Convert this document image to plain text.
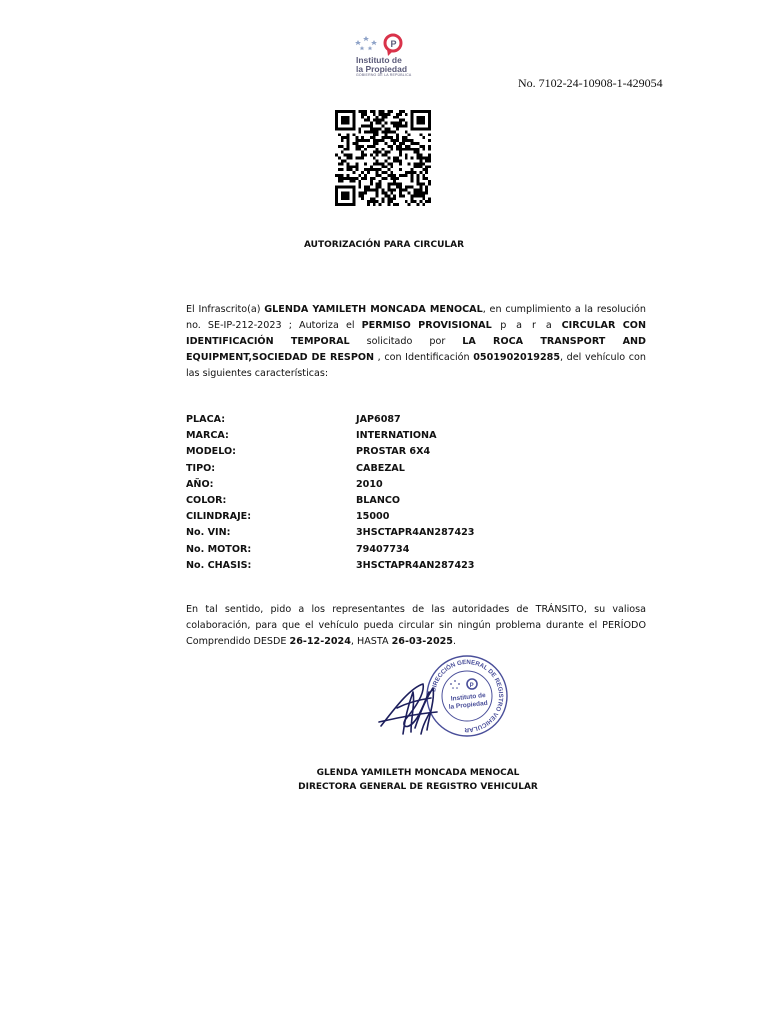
P
Instituto de
la Propiedad
GOBIERNO DE LA REPÚBLICA
No. 7102-24-10908-1-429054
AUTORIZACIÓN PARA CIRCULAR
El Infrascrito(a) GLENDA YAMILETH MONCADA MENOCAL, en cumplimiento a la resolución no. SE-IP-212-2023 ; Autoriza el PERMISO PROVISIONAL p a r a CIRCULAR CON IDENTIFICACIÓN TEMPORAL solicitado por LA ROCA TRANSPORT AND EQUIPMENT,SOCIEDAD DE RESPON , con Identificación 0501902019285, del vehículo con las siguientes características:
PLACA:	JAP6087
MARCA:	INTERNATIONA
MODELO:	PROSTAR 6X4
TIPO:	CABEZAL
AÑO:	2010
COLOR:	BLANCO
CILINDRAJE:	15000
No. VIN:	3HSCTAPR4AN287423
No. MOTOR:	79407734
No. CHASIS:	3HSCTAPR4AN287423
En tal sentido, pido a los representantes de las autoridades de TRÁNSITO, su valiosa colaboración, para que el vehículo pueda circular sin ningún problema durante el PERÍODO Comprendido DESDE 26-12-2024, HASTA 26-03-2025.
DIRECCIÓN GENERAL DE REGISTRO VEHICULAR
P
Instituto de
la Propiedad
GLENDA YAMILETH MONCADA MENOCAL
DIRECTORA GENERAL DE REGISTRO VEHICULAR
